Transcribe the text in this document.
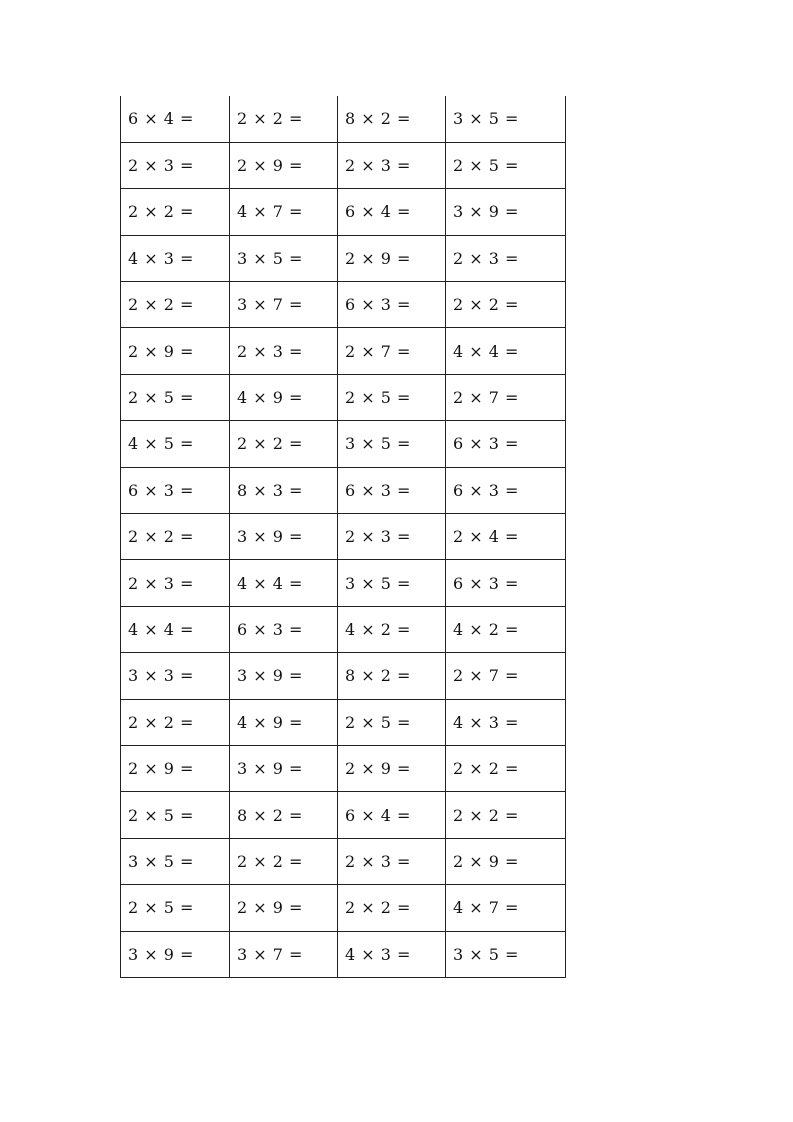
6 × 4 =	2 × 2 =	8 × 2 =	3 × 5 =
2 × 3 =	2 × 9 =	2 × 3 =	2 × 5 =
2 × 2 =	4 × 7 =	6 × 4 =	3 × 9 =
4 × 3 =	3 × 5 =	2 × 9 =	2 × 3 =
2 × 2 =	3 × 7 =	6 × 3 =	2 × 2 =
2 × 9 =	2 × 3 =	2 × 7 =	4 × 4 =
2 × 5 =	4 × 9 =	2 × 5 =	2 × 7 =
4 × 5 =	2 × 2 =	3 × 5 =	6 × 3 =
6 × 3 =	8 × 3 =	6 × 3 =	6 × 3 =
2 × 2 =	3 × 9 =	2 × 3 =	2 × 4 =
2 × 3 =	4 × 4 =	3 × 5 =	6 × 3 =
4 × 4 =	6 × 3 =	4 × 2 =	4 × 2 =
3 × 3 =	3 × 9 =	8 × 2 =	2 × 7 =
2 × 2 =	4 × 9 =	2 × 5 =	4 × 3 =
2 × 9 =	3 × 9 =	2 × 9 =	2 × 2 =
2 × 5 =	8 × 2 =	6 × 4 =	2 × 2 =
3 × 5 =	2 × 2 =	2 × 3 =	2 × 9 =
2 × 5 =	2 × 9 =	2 × 2 =	4 × 7 =
3 × 9 =	3 × 7 =	4 × 3 =	3 × 5 =
